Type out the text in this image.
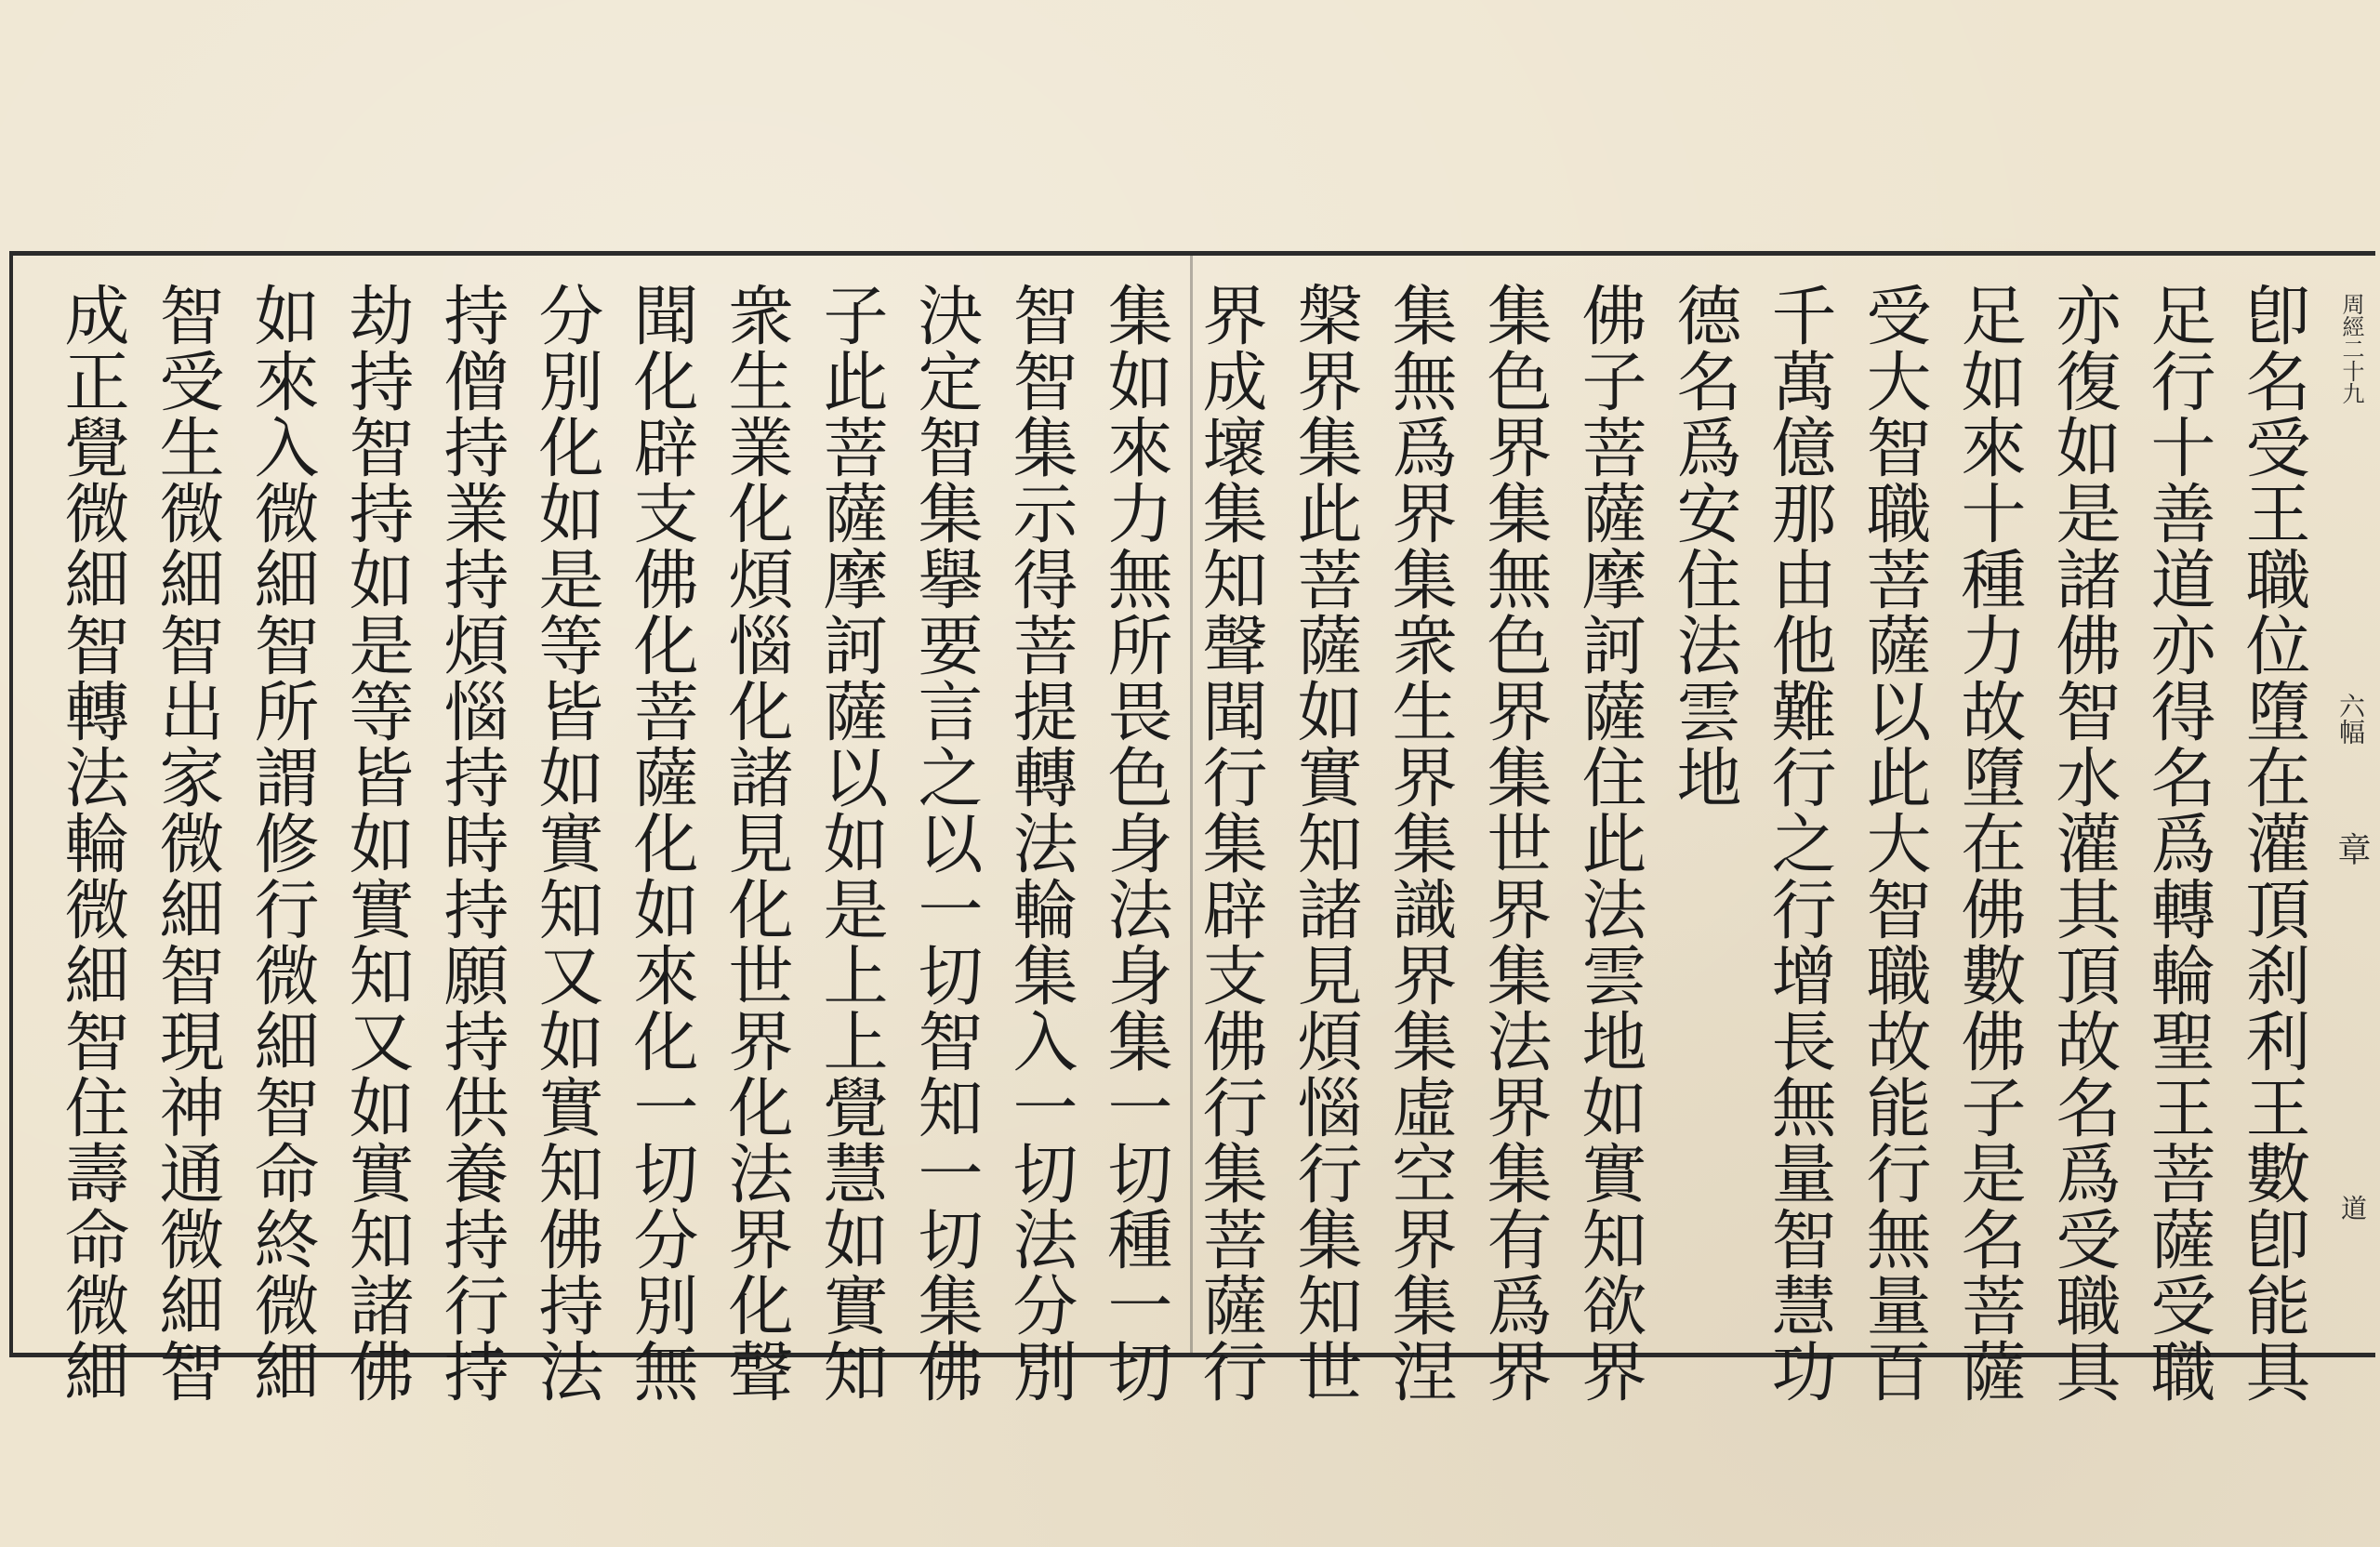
卽名受王職位墮在灌頂刹利王數卽能具
足行十善道亦得名爲轉輪聖王菩薩受職
亦復如是諸佛智水灌其頂故名爲受職具
足如來十種力故墮在佛數佛子是名菩薩
受大智職菩薩以此大智職故能行無量百
千萬億那由他難行之行增長無量智慧功
德名爲安住法雲地
佛子菩薩摩訶薩住此法雲地如實知欲界
集色界集無色界集世界集法界集有爲界
集無爲界集衆生界集識界集虛空界集涅
槃界集此菩薩如實知諸見煩惱行集知世
界成壞集知聲聞行集辟支佛行集菩薩行
集如來力無所畏色身法身集一切種一切
智智集示得菩提轉法輪集入一切法分別
決定智集擧要言之以一切智知一切集佛
子此菩薩摩訶薩以如是上上覺慧如實知
衆生業化煩惱化諸見化世界化法界化聲
聞化辟支佛化菩薩化如來化一切分別無
分別化如是等皆如實知又如實知佛持法
持僧持業持煩惱持時持願持供養持行持
劫持智持如是等皆如實知又如實知諸佛
如來入微細智所謂修行微細智命終微細
智受生微細智出家微細智現神通微細智
成正覺微細智轉法輪微細智住壽命微細	周經二十九
六幅
章
道
